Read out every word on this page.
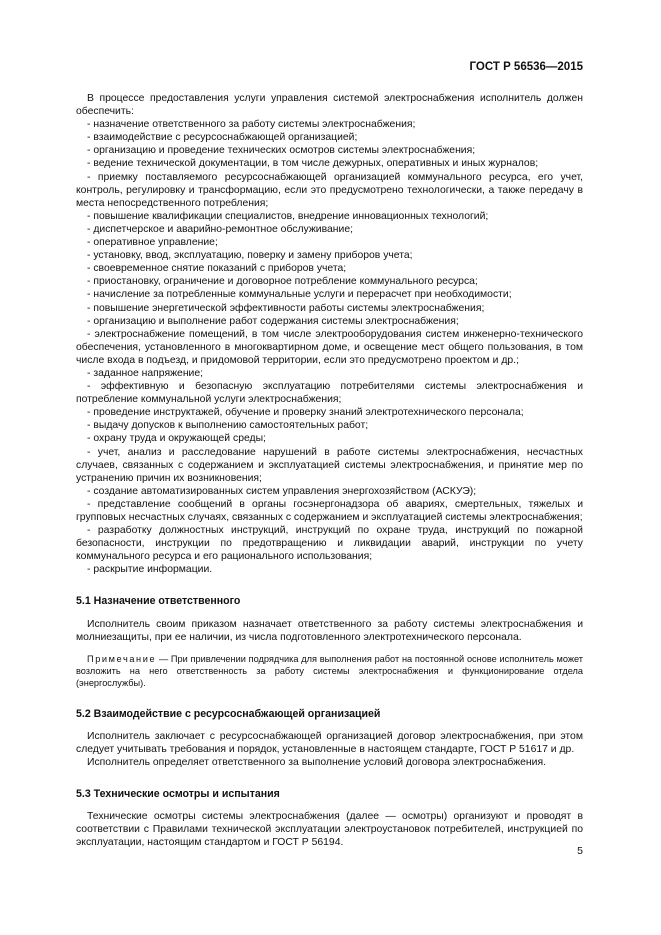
ГОСТ Р 56536—2015

В процессе предоставления услуги управления системой электроснабжения исполнитель должен обеспечить:

- назначение ответственного за работу системы электроснабжения;

- взаимодействие с ресурсоснабжающей организацией;

- организацию и проведение технических осмотров системы электроснабжения;

- ведение технической документации, в том числе дежурных, оперативных и иных журналов;

- приемку поставляемого ресурсоснабжающей организацией коммунального ресурса, его учет, контроль, регулировку и трансформацию, если это предусмотрено технологически, а также передачу в места непосредственного потребления;

- повышение квалификации специалистов, внедрение инновационных технологий;

- диспетчерское и аварийно-ремонтное обслуживание;

- оперативное управление;

- установку, ввод, эксплуатацию, поверку и замену приборов учета;

- своевременное снятие показаний с приборов учета;

- приостановку, ограничение и договорное потребление коммунального ресурса;

- начисление за потребленные коммунальные услуги и перерасчет при необходимости;

- повышение энергетической эффективности работы системы электроснабжения;

- организацию и выполнение работ содержания системы электроснабжения;

- электроснабжение помещений, в том числе электрооборудования систем инженерно-технического обеспечения, установленного в многоквартирном доме, и освещение мест общего пользования, в том числе входа в подъезд, и придомовой территории, если это предусмотрено проектом и др.;

- заданное напряжение;

- эффективную и безопасную эксплуатацию потребителями системы электроснабжения и потребление коммунальной услуги электроснабжения;

- проведение инструктажей, обучение и проверку знаний электротехнического персонала;

- выдачу допусков к выполнению самостоятельных работ;

- охрану труда и окружающей среды;

- учет, анализ и расследование нарушений в работе системы электроснабжения, несчастных случаев, связанных с содержанием и эксплуатацией системы электроснабжения, и принятие мер по устранению причин их возникновения;

- создание автоматизированных систем управления энергохозяйством (АСКУЭ);

- представление сообщений в органы госэнергонадзора об авариях, смертельных, тяжелых и групповых несчастных случаях, связанных с содержанием и эксплуатацией системы электроснабжения;

- разработку должностных инструкций, инструкций по охране труда, инструкций по пожарной безопасности, инструкции по предотвращению и ликвидации аварий, инструкции по учету коммунального ресурса и его рационального использования;

- раскрытие информации.

5.1 Назначение ответственного

Исполнитель своим приказом назначает ответственного за работу системы электроснабжения и молниезащиты, при ее наличии, из числа подготовленного электротехнического персонала.

Примечание — При привлечении подрядчика для выполнения работ на постоянной основе исполнитель может возложить на него ответственность за работу системы электроснабжения и функционирование отдела (энергослужбы).

5.2 Взаимодействие с ресурсоснабжающей организацией

Исполнитель заключает с ресурсоснабжающей организацией договор электроснабжения, при этом следует учитывать требования и порядок, установленные в настоящем стандарте, ГОСТ Р 51617 и др.

Исполнитель определяет ответственного за выполнение условий договора электроснабжения.

5.3 Технические осмотры и испытания

Технические осмотры системы электроснабжения (далее — осмотры) организуют и проводят в соответствии с Правилами технической эксплуатации электроустановок потребителей, инструкцией по эксплуатации, настоящим стандартом и ГОСТ Р 56194.

5
